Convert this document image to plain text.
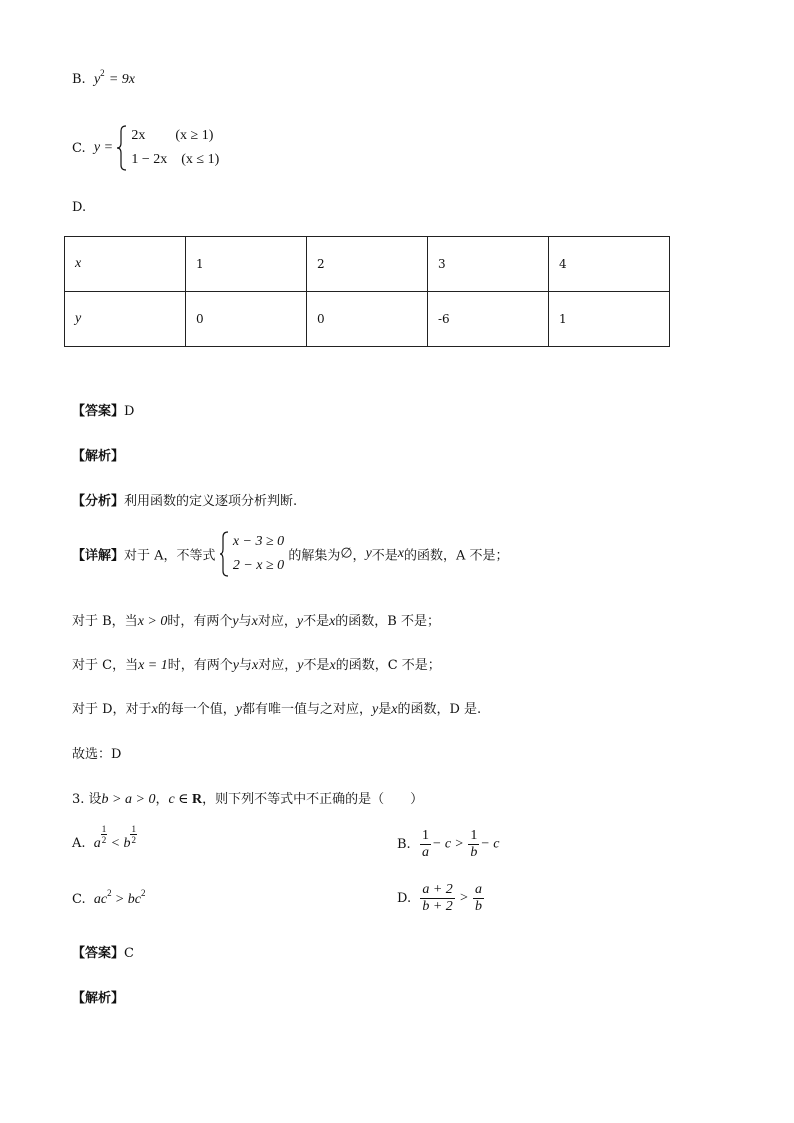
B. $y^2 = 9x$
C. y =  2x (x ≥ 1)
1 − 2x (x ≤ 1)
D.
x	1	2	3	4
y	0	0	-6	1
【答案】D
【解析】
【分析】利用函数的定义逐项分析判断.
【详解】对于 A，不等式  x − 3 ≥ 0
2 − x ≥ 0 的解集为∅，y不是x的函数，A 不是；
对于 B，当x > 0时，有两个y与x对应，y不是x的函数，B 不是；
对于 C，当x = 1时，有两个y与x对应，y不是x的函数，C 不是；
对于 D，对于x的每一个值，y都有唯一值与之对应，y是x的函数，D 是.
故选：D
3. 设b > a > 0，c ∈ R，则下列不等式中不正确的是（　　）
A. a $\frac{1}{2} < b \frac{1}{2}$	B. $\frac{1}{a} - c > \frac{1}{b} - c$
C. $ac^2 > bc^2$	D. $\frac{a + 2}{b + 2} > \frac{a}{b}$
【答案】C
【解析】
